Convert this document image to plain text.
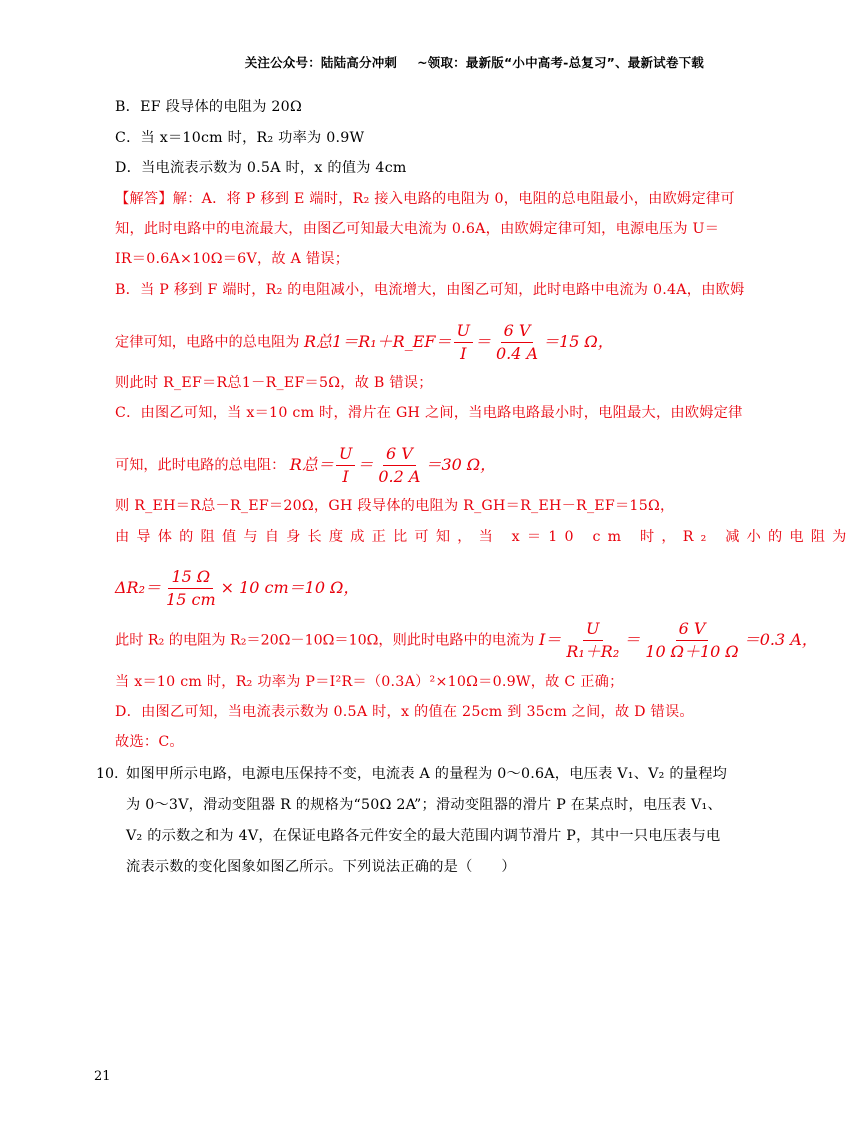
关注公众号：陆陆高分冲刺 ~领取：最新版“小中高考-总复习”、最新试卷下载
B．EF 段导体的电阻为 20Ω
C．当 x＝10cm 时，R₂ 功率为 0.9W
D．当电流表示数为 0.5A 时，x 的值为 4cm
【解答】解：A．将 P 移到 E 端时，R₂ 接入电路的电阻为 0，电阻的总电阻最小，由欧姆定律可
知，此时电路中的电流最大，由图乙可知最大电流为 0.6A，由欧姆定律可知，电源电压为 U＝
IR＝0.6A×10Ω＝6V，故 A 错误；
B．当 P 移到 F 端时，R₂ 的电阻减小，电流增大，由图乙可知，此时电路中电流为 0.4A，由欧姆
定律可知，电路中的总电阻为 R总1＝R₁＋R_EF＝ $\frac{U}{I} = \frac{6 V}{0.4 A} =15$ Ω，
则此时 R_EF＝R总1－R_EF＝5Ω，故 B 错误；
C．由图乙可知，当 x＝10 cm 时，滑片在 GH 之间，当电路电路最小时，电阻最大，由欧姆定律
可知，此时电路的总电阻： R总＝ $\frac{U}{I} = \frac{6 V}{0.2 A} =30$ Ω，
则 R_EH＝R总－R_EF＝20Ω，GH 段导体的电阻为 R_GH＝R_EH－R_EF＝15Ω，
由导体的阻值与自身长度成正比可知，当 x＝10 cm 时，R₂ 减小的电阻为
$\Delta R_2= \frac{15 \Omega}{15 cm} \times 10$ cm＝10 Ω，
此时 R₂ 的电阻为 R₂＝20Ω－10Ω＝10Ω，则此时电路中的电流为 $I= \frac{U}{\text{R₁＋R₂}} = \frac{6 V}{10 \Omega+10 \Omega} =0.3$ A，
当 x＝10 cm 时，R₂ 功率为 P＝I²R＝（0.3A）²×10Ω＝0.9W，故 C 正确；
D．由图乙可知，当电流表示数为 0.5A 时，x 的值在 25cm 到 35cm 之间，故 D 错误。
故选：C。
10. 如图甲所示电路，电源电压保持不变，电流表 A 的量程为 0～0.6A，电压表 V₁、V₂ 的量程均
为 0～3V，滑动变阻器 R 的规格为“50Ω 2A”；滑动变阻器的滑片 P 在某点时，电压表 V₁、
V₂ 的示数之和为 4V，在保证电路各元件安全的最大范围内调节滑片 P，其中一只电压表与电
流表示数的变化图象如图乙所示。下列说法正确的是（　　）
21
